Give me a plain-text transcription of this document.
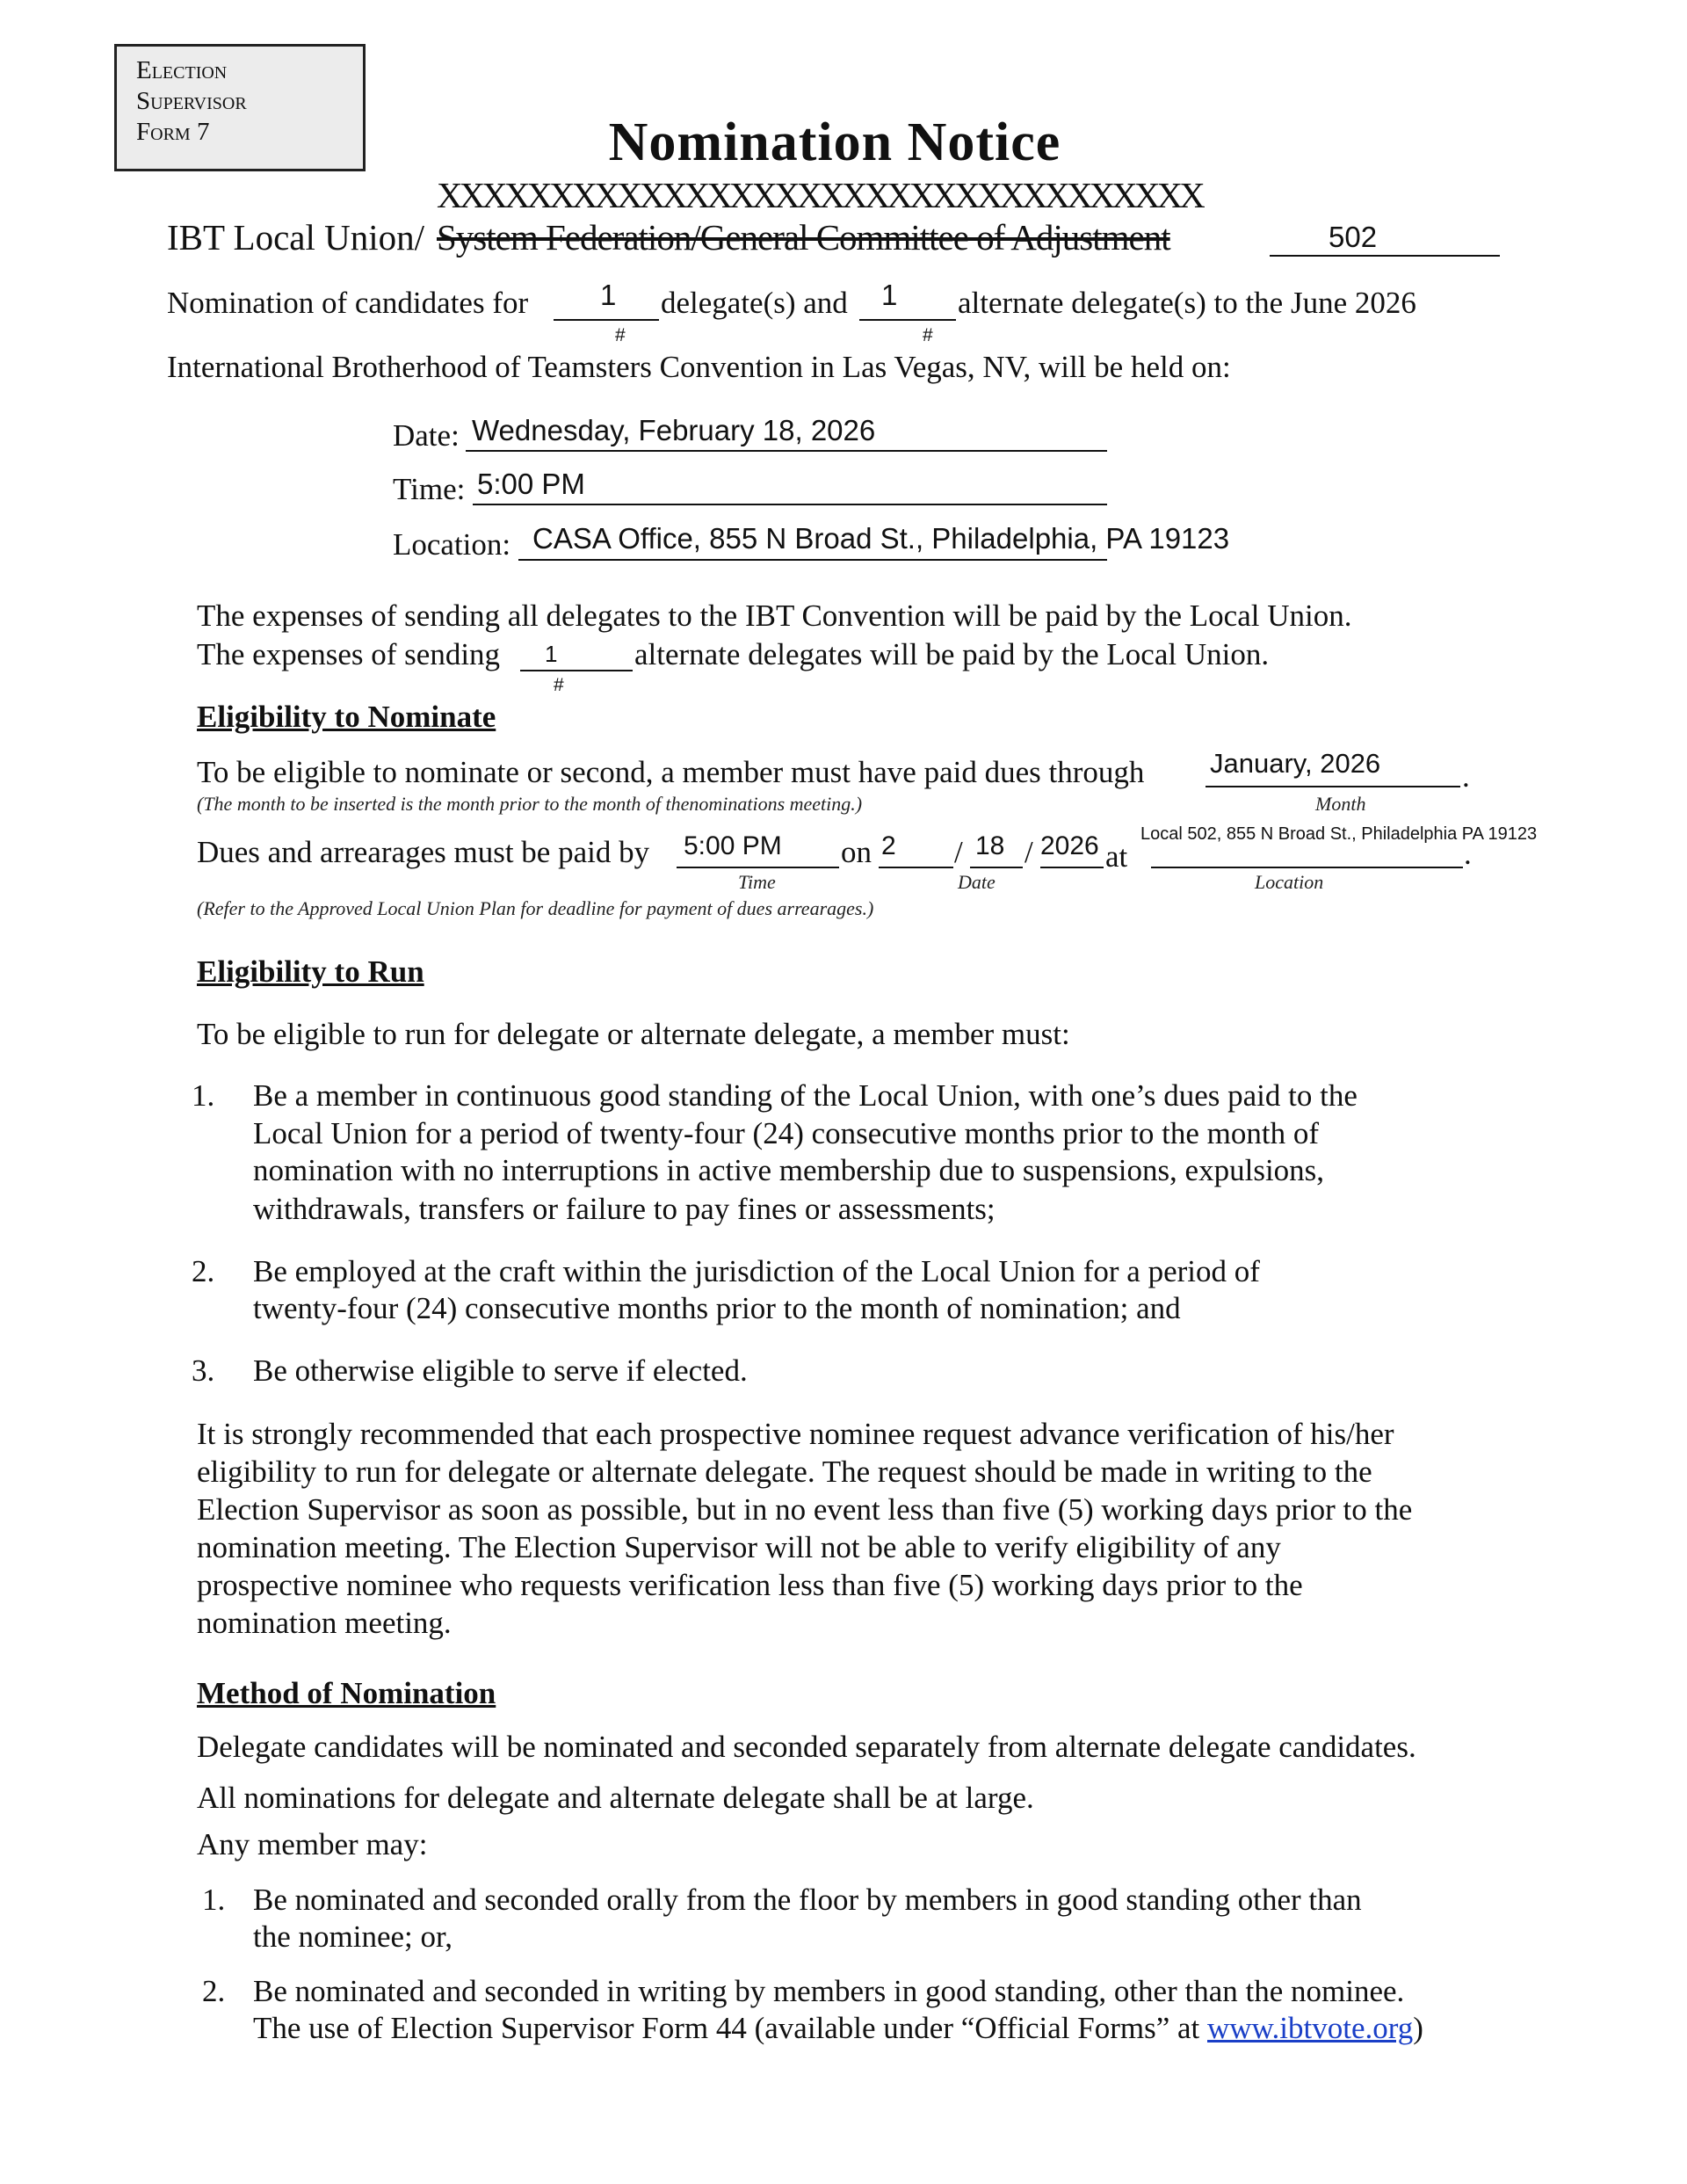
Election
Supervisor
Form 7	Nomination Notice
XXXXXXXXXXXXXXXXXXXXXXXXXXXXXXXXXX
IBT Local Union/ System Federation/General Committee of Adjustment	502
Nomination of candidates for 1
#
delegate(s) and 1
#
alternate delegate(s) to the June 2026
International Brotherhood of Teamsters Convention in Las Vegas, NV, will be held on:
Date: Wednesday, February 18, 2026
Time: 5:00 PM
Location: CASA Office, 855 N Broad St., Philadelphia, PA 19123
The expenses of sending all delegates to the IBT Convention will be paid by the Local Union.
The expenses of sending 1
#
alternate delegates will be paid by the Local Union.
Eligibility to Nominate
To be eligible to nominate or second, a member must have paid dues through January, 2026	.
(The month to be inserted is the month prior to the month of thenominations meeting.)	Month
Dues and arrearages must be paid by 5:00 PM on 2 / 18 / 2026 at
Local 502, 855 N Broad St., Philadelphia PA 19123
.
Time	Date	Location
(Refer to the Approved Local Union Plan for deadline for payment of dues arrearages.)
Eligibility to Run
To be eligible to run for delegate or alternate delegate, a member must:
1. Be a member in continuous good standing of the Local Union, with one’s dues paid to the
Local Union for a period of twenty-four (24) consecutive months prior to the month of
nomination with no interruptions in active membership due to suspensions, expulsions,
withdrawals, transfers or failure to pay fines or assessments;
2. Be employed at the craft within the jurisdiction of the Local Union for a period of
twenty-four (24) consecutive months prior to the month of nomination; and
3. Be otherwise eligible to serve if elected.
It is strongly recommended that each prospective nominee request advance verification of his/her
eligibility to run for delegate or alternate delegate. The request should be made in writing to the
Election Supervisor as soon as possible, but in no event less than five (5) working days prior to the
nomination meeting. The Election Supervisor will not be able to verify eligibility of any
prospective nominee who requests verification less than five (5) working days prior to the
nomination meeting.
Method of Nomination
Delegate candidates will be nominated and seconded separately from alternate delegate candidates.
All nominations for delegate and alternate delegate shall be at large.
Any member may:
1. Be nominated and seconded orally from the floor by members in good standing other than
the nominee; or,
2. Be nominated and seconded in writing by members in good standing, other than the nominee.
The use of Election Supervisor Form 44 (available under “Official Forms” at www.ibtvote.org)
